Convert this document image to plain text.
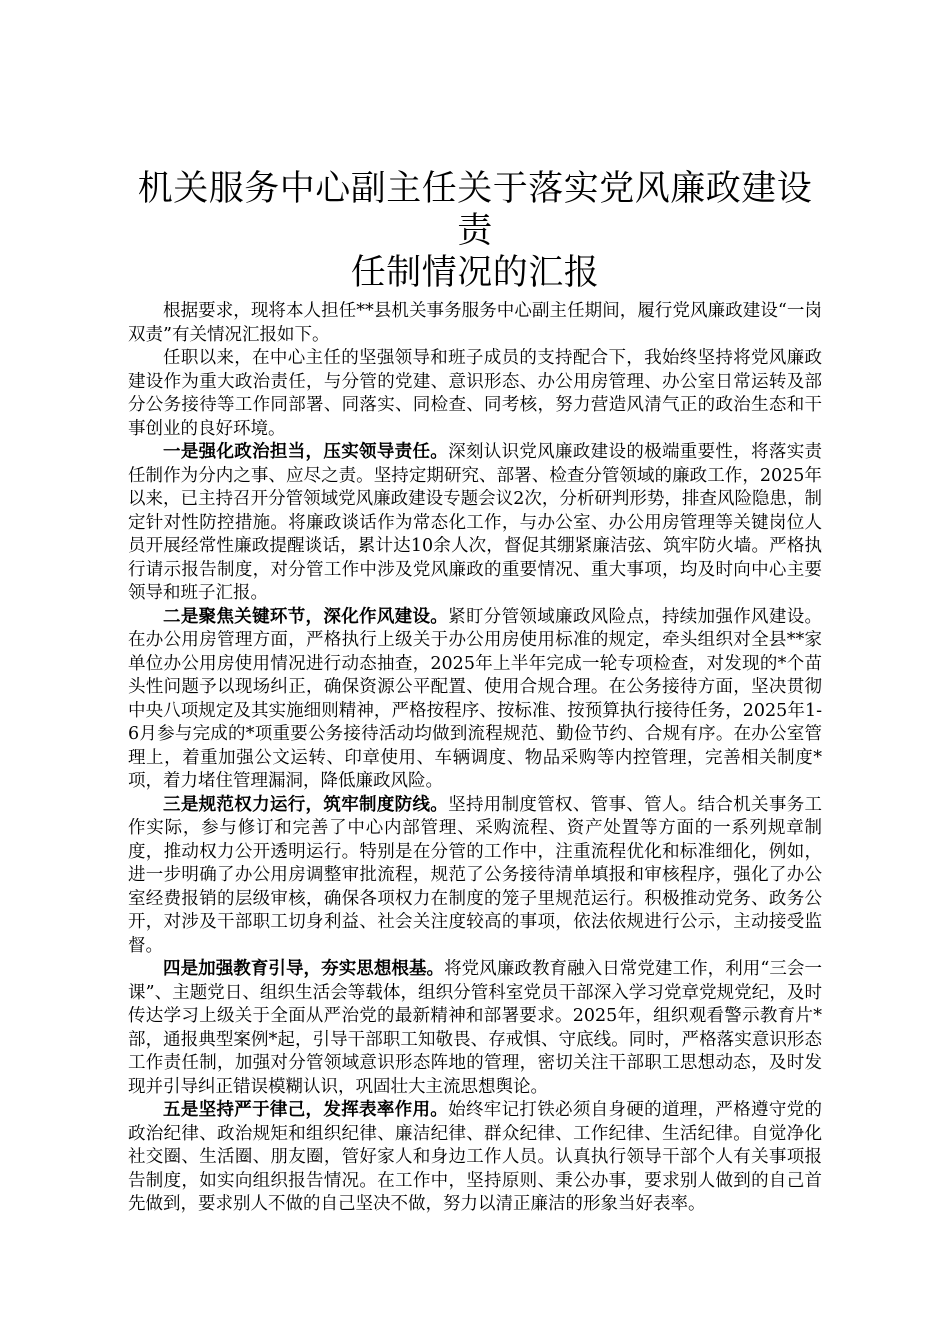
机关服务中心副主任关于落实党风廉政建设责
任制情况的汇报

根据要求，现将本人担任**县机关事务服务中心副主任期间，履行党风廉政建设“一岗双责”有关情况汇报如下。

任职以来，在中心主任的坚强领导和班子成员的支持配合下，我始终坚持将党风廉政建设作为重大政治责任，与分管的党建、意识形态、办公用房管理、办公室日常运转及部分公务接待等工作同部署、同落实、同检查、同考核，努力营造风清气正的政治生态和干事创业的良好环境。

一是强化政治担当，压实领导责任。深刻认识党风廉政建设的极端重要性，将落实责任制作为分内之事、应尽之责。坚持定期研究、部署、检查分管领域的廉政工作，2025年以来，已主持召开分管领域党风廉政建设专题会议2次，分析研判形势，排查风险隐患，制定针对性防控措施。将廉政谈话作为常态化工作，与办公室、办公用房管理等关键岗位人员开展经常性廉政提醒谈话，累计达10余人次，督促其绷紧廉洁弦、筑牢防火墙。严格执行请示报告制度，对分管工作中涉及党风廉政的重要情况、重大事项，均及时向中心主要领导和班子汇报。

二是聚焦关键环节，深化作风建设。紧盯分管领域廉政风险点，持续加强作风建设。在办公用房管理方面，严格执行上级关于办公用房使用标准的规定，牵头组织对全县**家单位办公用房使用情况进行动态抽查，2025年上半年完成一轮专项检查，对发现的*个苗头性问题予以现场纠正，确保资源公平配置、使用合规合理。在公务接待方面，坚决贯彻中央八项规定及其实施细则精神，严格按程序、按标准、按预算执行接待任务，2025年1-6月参与完成的*项重要公务接待活动均做到流程规范、勤俭节约、合规有序。在办公室管理上，着重加强公文运转、印章使用、车辆调度、物品采购等内控管理，完善相关制度*项，着力堵住管理漏洞，降低廉政风险。

三是规范权力运行，筑牢制度防线。坚持用制度管权、管事、管人。结合机关事务工作实际，参与修订和完善了中心内部管理、采购流程、资产处置等方面的一系列规章制度，推动权力公开透明运行。特别是在分管的工作中，注重流程优化和标准细化，例如，进一步明确了办公用房调整审批流程，规范了公务接待清单填报和审核程序，强化了办公室经费报销的层级审核，确保各项权力在制度的笼子里规范运行。积极推动党务、政务公开，对涉及干部职工切身利益、社会关注度较高的事项，依法依规进行公示，主动接受监督。

四是加强教育引导，夯实思想根基。将党风廉政教育融入日常党建工作，利用“三会一课”、主题党日、组织生活会等载体，组织分管科室党员干部深入学习党章党规党纪，及时传达学习上级关于全面从严治党的最新精神和部署要求。2025年，组织观看警示教育片*部，通报典型案例*起，引导干部职工知敬畏、存戒惧、守底线。同时，严格落实意识形态工作责任制，加强对分管领域意识形态阵地的管理，密切关注干部职工思想动态，及时发现并引导纠正错误模糊认识，巩固壮大主流思想舆论。

五是坚持严于律己，发挥表率作用。始终牢记打铁必须自身硬的道理，严格遵守党的政治纪律、政治规矩和组织纪律、廉洁纪律、群众纪律、工作纪律、生活纪律。自觉净化社交圈、生活圈、朋友圈，管好家人和身边工作人员。认真执行领导干部个人有关事项报告制度，如实向组织报告情况。在工作中，坚持原则、秉公办事，要求别人做到的自己首先做到，要求别人不做的自己坚决不做，努力以清正廉洁的形象当好表率。
